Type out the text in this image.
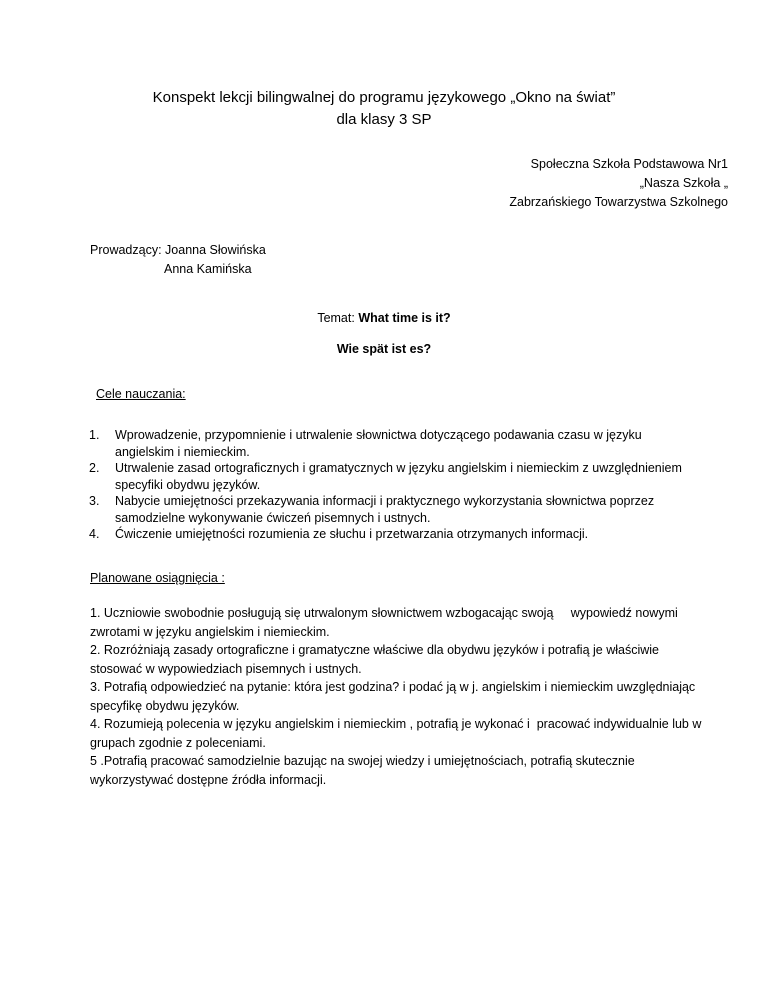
Konspekt lekcji bilingwalnej do programu językowego „Okno na świat”
dla klasy 3 SP
Społeczna Szkoła Podstawowa Nr1
„Nasza Szkoła „
Zabrzańskiego Towarzystwa Szkolnego
Prowadzący: Joanna Słowińska
Anna Kamińska
Temat: What time is it?
Wie spät ist es?
Cele nauczania:
1. Wprowadzenie, przypomnienie i utrwalenie słownictwa dotyczącego podawania czasu w języku angielskim i niemieckim.
2. Utrwalenie zasad ortograficznych i gramatycznych w języku angielskim i niemieckim z uwzględnieniem specyfiki obydwu języków.
3. Nabycie umiejętności przekazywania informacji i praktycznego wykorzystania słownictwa poprzez samodzielne wykonywanie ćwiczeń pisemnych i ustnych.
4. Ćwiczenie umiejętności rozumienia ze słuchu i przetwarzania otrzymanych informacji.
Planowane osiągnięcia :
1. Uczniowie swobodnie posługują się utrwalonym słownictwem wzbogacając swoją     wypowiedź nowymi zwrotami w języku angielskim i niemieckim.
2. Rozróżniają zasady ortograficzne i gramatyczne właściwe dla obydwu języków i potrafią je właściwie stosować w wypowiedziach pisemnych i ustnych.
3. Potrafią odpowiedzieć na pytanie: która jest godzina? i podać ją w j. angielskim i niemieckim uwzględniając specyfikę obydwu języków.
4. Rozumieją polecenia w języku angielskim i niemieckim , potrafią je wykonać i  pracować indywidualnie lub w grupach zgodnie z poleceniami.
5 .Potrafią pracować samodzielnie bazując na swojej wiedzy i umiejętnościach, potrafią skutecznie wykorzystywać dostępne źródła informacji.
